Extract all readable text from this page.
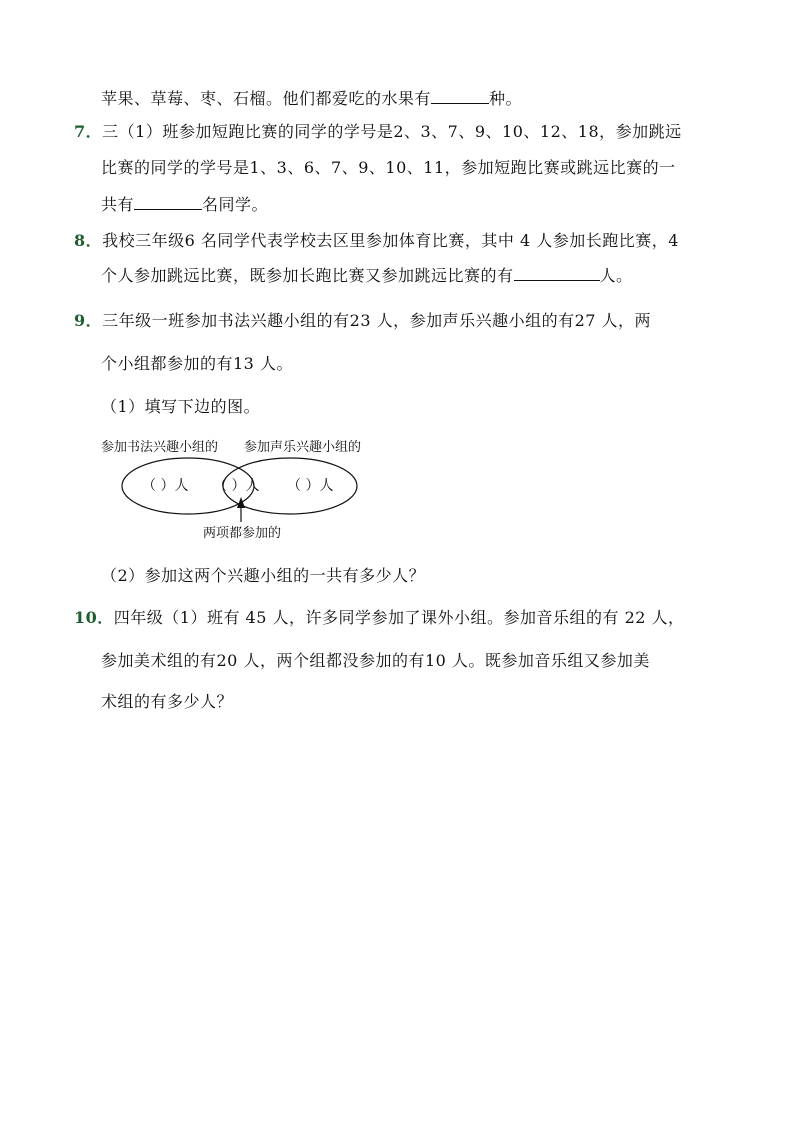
苹果、草莓、枣、石榴。他们都爱吃的水果有	种。
7．三（1）班参加短跑比赛的同学的学号是2、3、7、9、10、12、18，参加跳远
比赛的同学的学号是1、3、6、7、9、10、11，参加短跑比赛或跳远比赛的一
共有	名同学。
8．我校三年级6 名同学代表学校去区里参加体育比赛，其中 4 人参加长跑比赛，4
个人参加跳远比赛，既参加长跑比赛又参加跳远比赛的有	人。
9．三年级一班参加书法兴趣小组的有23 人，参加声乐兴趣小组的有27 人，两
个小组都参加的有13 人。
（1）填写下边的图。
参加书法兴趣小组的 参加声乐兴趣小组的
（ ）人 （ ）人 （ ）人
两项都参加的
（2）参加这两个兴趣小组的一共有多少人？
10．四年级（1）班有 45 人，许多同学参加了课外小组。参加音乐组的有 22 人，
参加美术组的有20 人，两个组都没参加的有10 人。既参加音乐组又参加美
术组的有多少人？
